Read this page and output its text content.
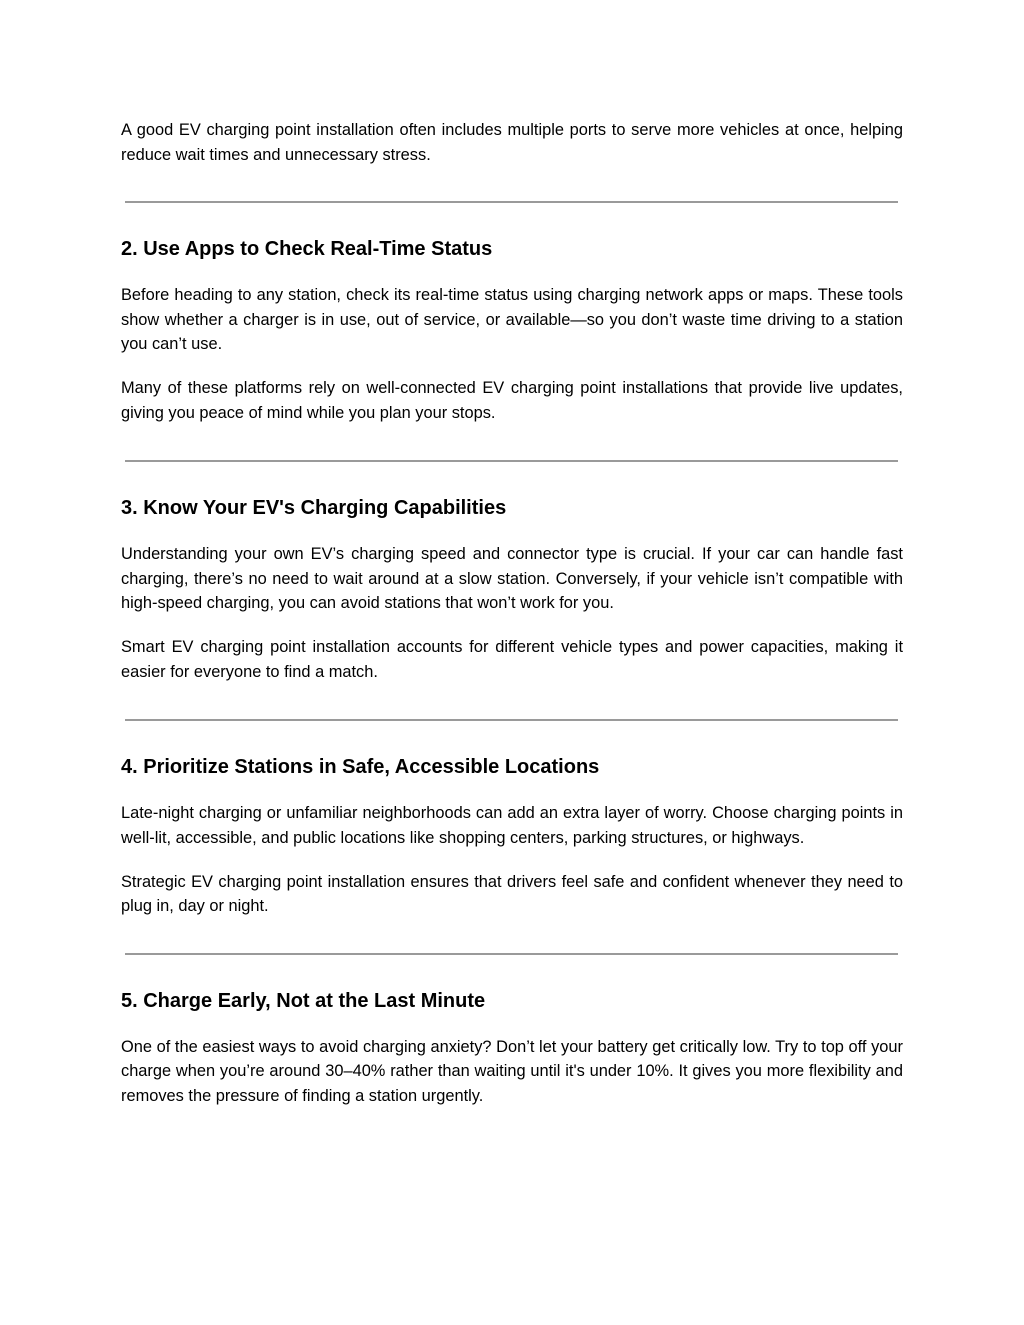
A good EV charging point installation often includes multiple ports to serve more vehicles at once, helping reduce wait times and unnecessary stress.

2. Use Apps to Check Real-Time Status

Before heading to any station, check its real-time status using charging network apps or maps. These tools show whether a charger is in use, out of service, or available—so you don’t waste time driving to a station you can’t use.

Many of these platforms rely on well-connected EV charging point installations that provide live updates, giving you peace of mind while you plan your stops.

3. Know Your EV's Charging Capabilities

Understanding your own EV’s charging speed and connector type is crucial. If your car can handle fast charging, there’s no need to wait around at a slow station. Conversely, if your vehicle isn’t compatible with high-speed charging, you can avoid stations that won’t work for you.

Smart EV charging point installation accounts for different vehicle types and power capacities, making it easier for everyone to find a match.

4. Prioritize Stations in Safe, Accessible Locations

Late-night charging or unfamiliar neighborhoods can add an extra layer of worry. Choose charging points in well-lit, accessible, and public locations like shopping centers, parking structures, or highways.

Strategic EV charging point installation ensures that drivers feel safe and confident whenever they need to plug in, day or night.

5. Charge Early, Not at the Last Minute

One of the easiest ways to avoid charging anxiety? Don’t let your battery get critically low. Try to top off your charge when you’re around 30–40% rather than waiting until it's under 10%. It gives you more flexibility and removes the pressure of finding a station urgently.
